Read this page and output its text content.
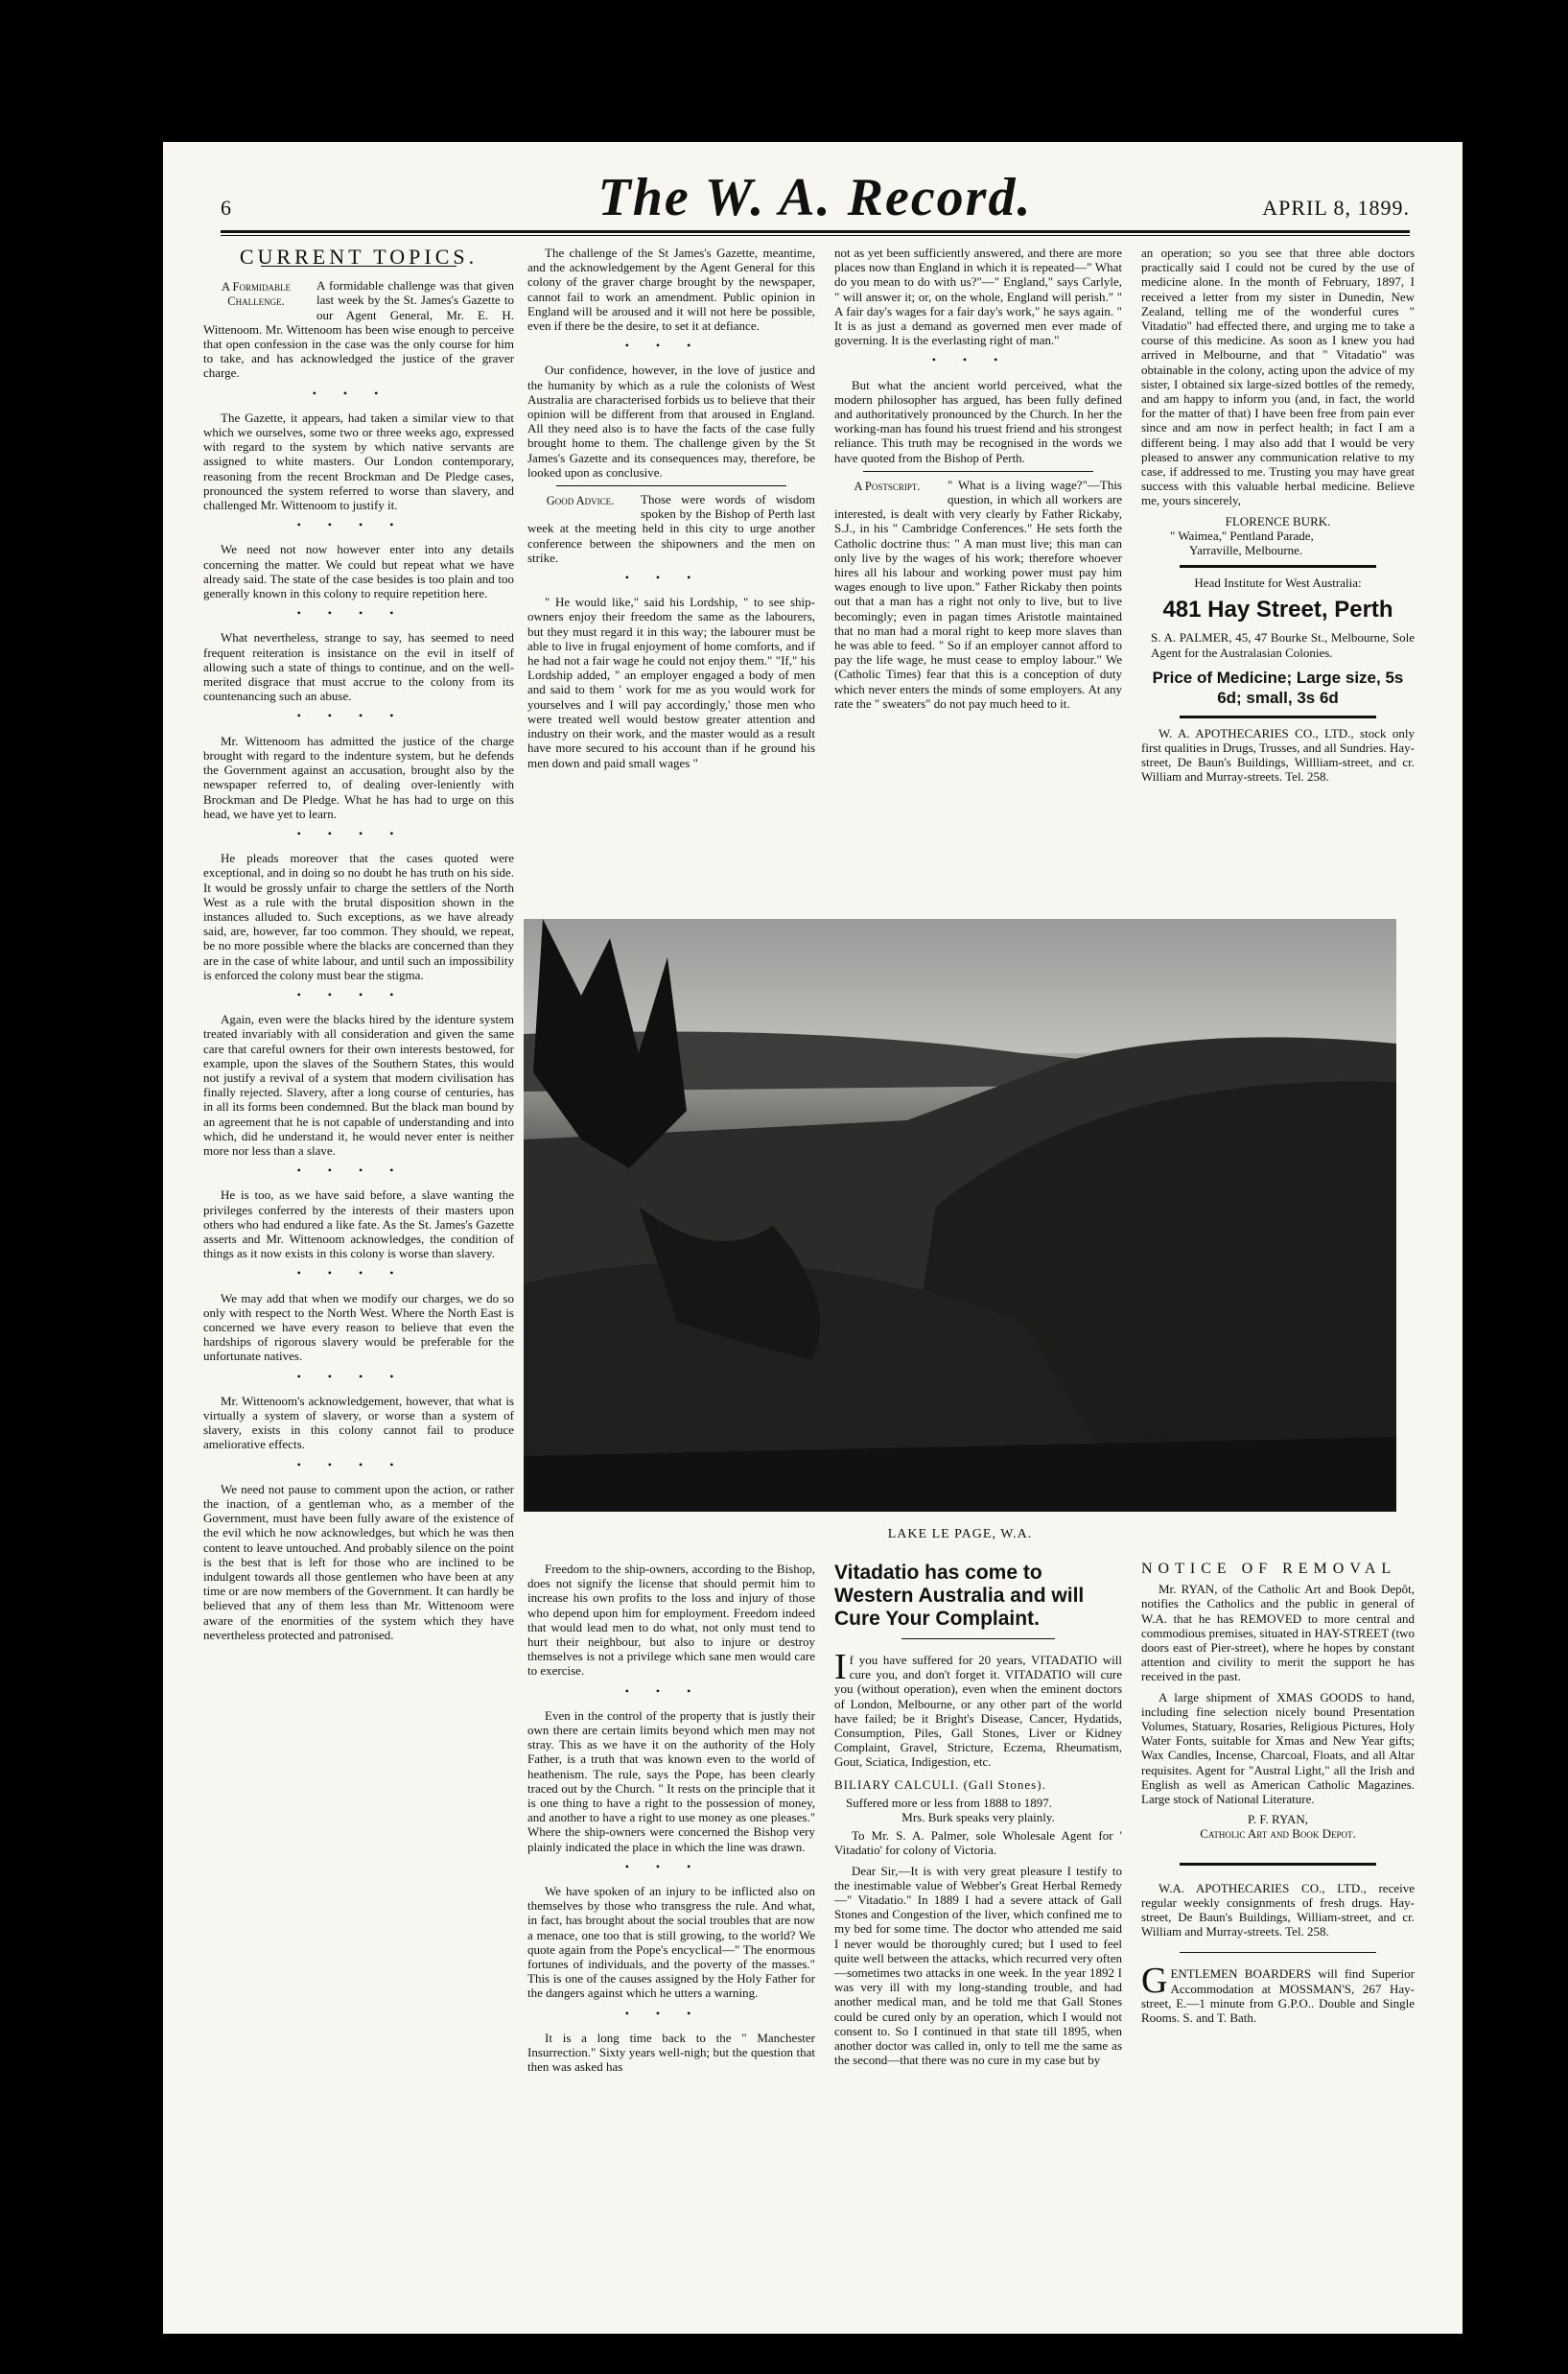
6	The W. A. Record.	APRIL 8, 1899.
CURRENT TOPICS.

A Formidable Challenge.
A formidable challenge was that given last week by the St. James's Gazette to our Agent General, Mr. E. H. Wittenoom. Mr. Wittenoom has been wise enough to perceive that open confession in the case was the only course for him to take, and has acknowledged the justice of the graver charge.

•••

The Gazette, it appears, had taken a similar view to that which we ourselves, some two or three weeks ago, expressed with regard to the system by which native servants are assigned to white masters. Our London contemporary, reasoning from the recent Brockman and De Pledge cases, pronounced the system referred to worse than slavery, and challenged Mr. Wittenoom to justify it.

••••

We need not now however enter into any details concerning the matter. We could but repeat what we have already said. The state of the case besides is too plain and too generally known in this colony to require repetition here.

••••

What nevertheless, strange to say, has seemed to need frequent reiteration is insistance on the evil in itself of allowing such a state of things to continue, and on the well-merited disgrace that must accrue to the colony from its countenancing such an abuse.

••••

Mr. Wittenoom has admitted the justice of the charge brought with regard to the indenture system, but he defends the Government against an accusation, brought also by the newspaper referred to, of dealing over-leniently with Brockman and De Pledge. What he has had to urge on this head, we have yet to learn.

••••

He pleads moreover that the cases quoted were exceptional, and in doing so no doubt he has truth on his side. It would be grossly unfair to charge the settlers of the North West as a rule with the brutal disposition shown in the instances alluded to. Such exceptions, as we have already said, are, however, far too common. They should, we repeat, be no more possible where the blacks are concerned than they are in the case of white labour, and until such an impossibility is enforced the colony must bear the stigma.

••••

Again, even were the blacks hired by the identure system treated invariably with all consideration and given the same care that careful owners for their own interests bestowed, for example, upon the slaves of the Southern States, this would not justify a revival of a system that modern civilisation has finally rejected. Slavery, after a long course of centuries, has in all its forms been condemned. But the black man bound by an agreement that he is not capable of understanding and into which, did he understand it, he would never enter is neither more nor less than a slave.

••••

He is too, as we have said before, a slave wanting the privileges conferred by the interests of their masters upon others who had endured a like fate. As the St. James's Gazette asserts and Mr. Wittenoom acknowledges, the condition of things as it now exists in this colony is worse than slavery.

••••

We may add that when we modify our charges, we do so only with respect to the North West. Where the North East is concerned we have every reason to believe that even the hardships of rigorous slavery would be preferable for the unfortunate natives.

••••

Mr. Wittenoom's acknowledgement, however, that what is virtually a system of slavery, or worse than a system of slavery, exists in this colony cannot fail to produce ameliorative effects.

••••

We need not pause to comment upon the action, or rather the inaction, of a gentleman who, as a member of the Government, must have been fully aware of the existence of the evil which he now acknowledges, but which he was then content to leave untouched. And probably silence on the point is the best that is left for those who are inclined to be indulgent towards all those gentlemen who have been at any time or are now members of the Government. It can hardly be believed that any of them less than Mr. Wittenoom were aware of the enormities of the system which they have nevertheless protected and patronised.

The challenge of the St James's Gazette, meantime, and the acknowledgement by the Agent General for this colony of the graver charge brought by the newspaper, cannot fail to work an amendment. Public opinion in England will be aroused and it will not here be possible, even if there be the desire, to set it at defiance.

•••

Our confidence, however, in the love of justice and the humanity by which as a rule the colonists of West Australia are characterised forbids us to believe that their opinion will be different from that aroused in England. All they need also is to have the facts of the case fully brought home to them. The challenge given by the St James's Gazette and its consequences may, therefore, be looked upon as conclusive.

Good Advice.	Those were words of wisdom spoken by the Bishop of Perth last week at the meeting held in this city to urge another conference between the shipowners and the men on strike.

•••

" He would like," said his Lordship, " to see ship-owners enjoy their freedom the same as the labourers, but they must regard it in this way; the labourer must be able to live in frugal enjoyment of home comforts, and if he had not a fair wage he could not enjoy them." "If," his Lordship added, " an employer engaged a body of men and said to them ' work for me as you would work for yourselves and I will pay accordingly,' those men who were treated well would bestow greater attention and industry on their work, and the master would as a result have more secured to his account than if he ground his men down and paid small wages "

not as yet been sufficiently answered, and there are more places now than England in which it is repeated—" What do you mean to do with us?"—" England," says Carlyle, " will answer it; or, on the whole, England will perish." " A fair day's wages for a fair day's work," he says again. " It is as just a demand as governed men ever made of governing. It is the everlasting right of man."

•••

But what the ancient world perceived, what the modern philosopher has argued, has been fully defined and authoritatively pronounced by the Church. In her the working-man has found his truest friend and his strongest reliance. This truth may be recognised in the words we have quoted from the Bishop of Perth.

A Postscript.	" What is a living wage?"—This question, in which all workers are interested, is dealt with very clearly by Father Rickaby, S.J., in his " Cambridge Conferences." He sets forth the Catholic doctrine thus: " A man must live; this man can only live by the wages of his work; therefore whoever hires all his labour and working power must pay him wages enough to live upon." Father Rickaby then points out that a man has a right not only to live, but to live becomingly; even in pagan times Aristotle maintained that no man had a moral right to keep more slaves than he was able to feed. " So if an employer cannot afford to pay the life wage, he must cease to employ labour." We (Catholic Times) fear that this is a conception of duty which never enters the minds of some employers. At any rate the " sweaters" do not pay much heed to it.

an operation; so you see that three able doctors practically said I could not be cured by the use of medicine alone. In the month of February, 1897, I received a letter from my sister in Dunedin, New Zealand, telling me of the wonderful cures " Vitadatio" had effected there, and urging me to take a course of this medicine. As soon as I knew you had arrived in Melbourne, and that " Vitadatio" was obtainable in the colony, acting upon the advice of my sister, I obtained six large-sized bottles of the remedy, and am happy to inform you (and, in fact, the world for the matter of that) I have been free from pain ever since and am now in perfect health; in fact I am a different being. I may also add that I would be very pleased to answer any communication relative to my case, if addressed to me. Trusting you may have great success with this valuable herbal medicine. Believe me, yours sincerely,

FLORENCE BURK.
" Waimea," Pentland Parade,
Yarraville, Melbourne.
Head Institute for West Australia:
481 Hay Street, Perth

S. A. PALMER, 45, 47 Bourke St., Melbourne, Sole Agent for the Australasian Colonies.

Price of Medicine; Large size, 5s 6d; small, 3s 6d

W. A. APOTHECARIES CO., LTD., stock only first qualities in Drugs, Trusses, and all Sundries. Hay-street, De Baun's Buildings, Willliam-street, and cr. William and Murray-streets. Tel. 258.

LAKE LE PAGE, W.A.

Freedom to the ship-owners, according to the Bishop, does not signify the license that should permit him to increase his own profits to the loss and injury of those who depend upon him for employment. Freedom indeed that would lead men to do what, not only must tend to hurt their neighbour, but also to injure or destroy themselves is not a privilege which sane men would care to exercise.

•••

Even in the control of the property that is justly their own there are certain limits beyond which men may not stray. This as we have it on the authority of the Holy Father, is a truth that was known even to the world of heathenism. The rule, says the Pope, has been clearly traced out by the Church. " It rests on the principle that it is one thing to have a right to the possession of money, and another to have a right to use money as one pleases." Where the ship-owners were concerned the Bishop very plainly indicated the place in which the line was drawn.

•••

We have spoken of an injury to be inflicted also on themselves by those who transgress the rule. And what, in fact, has brought about the social troubles that are now a menace, one too that is still growing, to the world? We quote again from the Pope's encyclical—" The enormous fortunes of individuals, and the poverty of the masses." This is one of the causes assigned by the Holy Father for the dangers against which he utters a warning.

•••

It is a long time back to the " Manchester Insurrection." Sixty years well-nigh; but the question that then was asked has

Vitadatio has come to Western Australia and will Cure Your Complaint.

If you have suffered for 20 years, VITADATIO will cure you, and don't forget it. VITADATIO will cure you (without operation), even when the eminent doctors of London, Melbourne, or any other part of the world have failed; be it Bright's Disease, Cancer, Hydatids, Consumption, Piles, Gall Stones, Liver or Kidney Complaint, Gravel, Stricture, Eczema, Rheumatism, Gout, Sciatica, Indigestion, etc.

BILIARY CALCULI. (Gall Stones).
Suffered more or less from 1888 to 1897.
Mrs. Burk speaks very plainly.

To Mr. S. A. Palmer, sole Wholesale Agent for ' Vitadatio' for colony of Victoria.

Dear Sir,—It is with very great pleasure I testify to the inestimable value of Webber's Great Herbal Remedy—" Vitadatio." In 1889 I had a severe attack of Gall Stones and Congestion of the liver, which confined me to my bed for some time. The doctor who attended me said I never would be thoroughly cured; but I used to feel quite well between the attacks, which recurred very often—sometimes two attacks in one week. In the year 1892 I was very ill with my long-standing trouble, and had another medical man, and he told me that Gall Stones could be cured only by an operation, which I would not consent to. So I continued in that state till 1895, when another doctor was called in, only to tell me the same as the second—that there was no cure in my case but by

NOTICE OF REMOVAL

Mr. RYAN, of the Catholic Art and Book Depôt, notifies the Catholics and the public in general of W.A. that he has REMOVED to more central and commodious premises, situated in HAY-STREET (two doors east of Pier-street), where he hopes by constant attention and civility to merit the support he has received in the past.

A large shipment of XMAS GOODS to hand, including fine selection nicely bound Presentation Volumes, Statuary, Rosaries, Religious Pictures, Holy Water Fonts, suitable for Xmas and New Year gifts; Wax Candles, Incense, Charcoal, Floats, and all Altar requisites. Agent for "Austral Light," all the Irish and English as well as American Catholic Magazines. Large stock of National Literature.

P. F. RYAN,
Catholic Art and Book Depot.

W.A. APOTHECARIES CO., LTD., receive regular weekly consignments of fresh drugs. Hay-street, De Baun's Buildings, William-street, and cr. William and Murray-streets. Tel. 258.

GENTLEMEN BOARDERS will find Superior Accommodation at MOSSMAN'S, 267 Hay-street, E.—1 minute from G.P.O.. Double and Single Rooms. S. and T. Bath.
